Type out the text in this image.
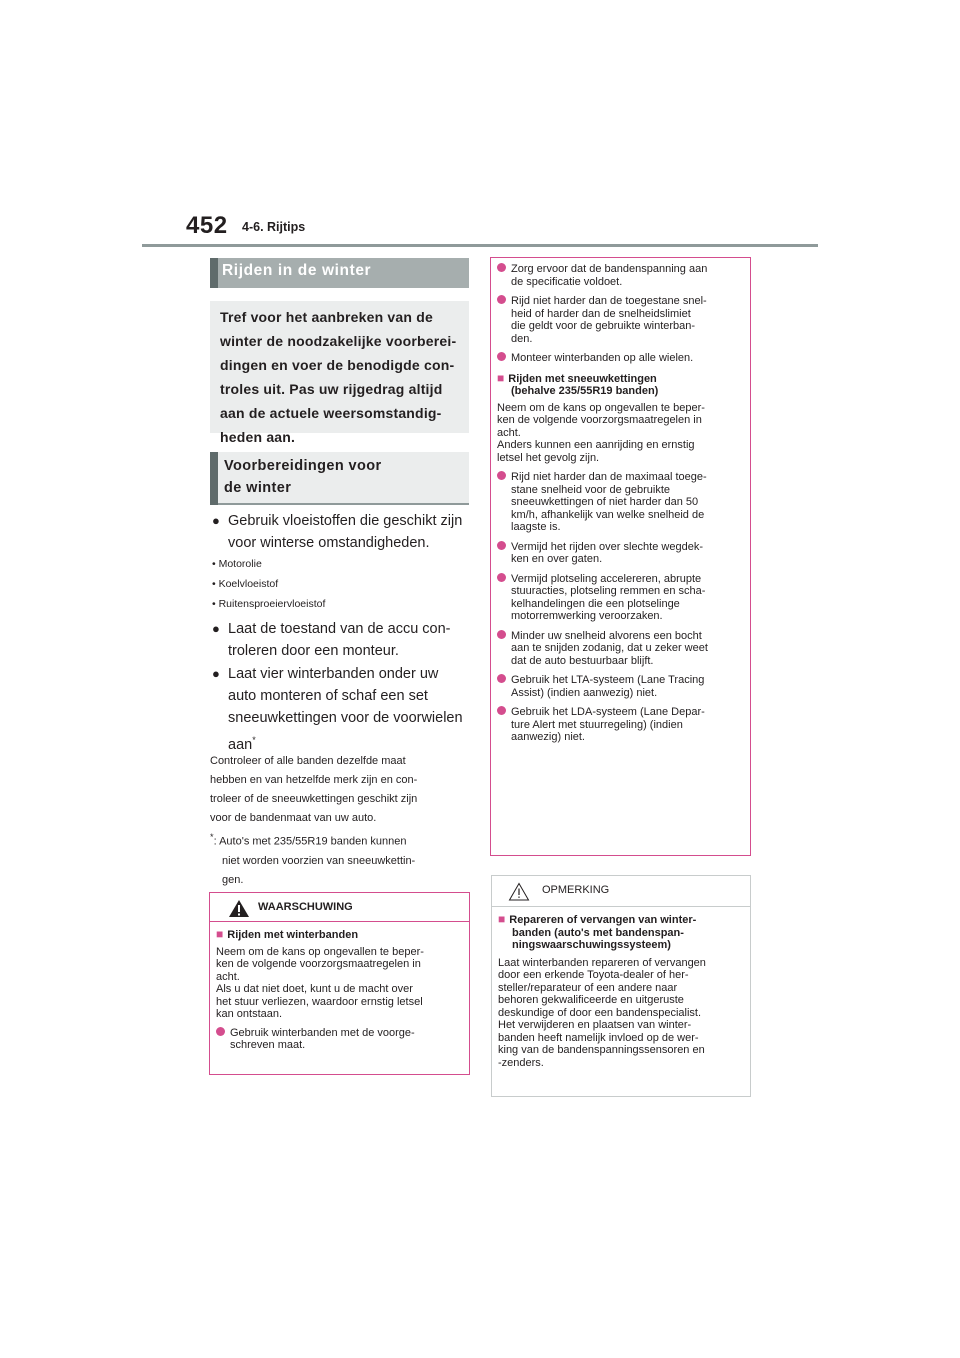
452 4-6. Rijtips
Rijden in de winter
Tref voor het aanbreken van de
winter de noodzakelijke voorberei-
dingen en voer de benodigde con-
troles uit. Pas uw rijgedrag altijd
aan de actuele weersomstandig-
heden aan.
Voorbereidingen voor
de winter
● Gebruik vloeistoffen die geschikt zijn
voor winterse omstandigheden.
• Motorolie
• Koelvloeistof
• Ruitensproeiervloeistof
● Laat de toestand van de accu con-
troleren door een monteur.
● Laat vier winterbanden onder uw
auto monteren of schaf een set
sneeuwkettingen voor de voorwielen
aan*
Controleer of alle banden dezelfde maat
hebben en van hetzelfde merk zijn en con-
troleer of de sneeuwkettingen geschikt zijn
voor de bandenmaat van uw auto.
*: Auto's met 235/55R19 banden kunnen
niet worden voorzien van sneeuwkettin-
gen.
WAARSCHUWING
■ Rijden met winterbanden
Neem om de kans op ongevallen te beper-
ken de volgende voorzorgsmaatregelen in
acht.
Als u dat niet doet, kunt u de macht over
het stuur verliezen, waardoor ernstig letsel
kan ontstaan.
Gebruik winterbanden met de voorge-
schreven maat.
Zorg ervoor dat de bandenspanning aan
de specificatie voldoet.
Rijd niet harder dan de toegestane snel-
heid of harder dan de snelheidslimiet
die geldt voor de gebruikte winterban-
den.
Monteer winterbanden op alle wielen.
■ Rijden met sneeuwkettingen
(behalve 235/55R19 banden)
Neem om de kans op ongevallen te beper-
ken de volgende voorzorgsmaatregelen in
acht.
Anders kunnen een aanrijding en ernstig
letsel het gevolg zijn.
Rijd niet harder dan de maximaal toege-
stane snelheid voor de gebruikte
sneeuwkettingen of niet harder dan 50
km/h, afhankelijk van welke snelheid de
laagste is.
Vermijd het rijden over slechte wegdek-
ken en over gaten.
Vermijd plotseling accelereren, abrupte
stuuracties, plotseling remmen en scha-
kelhandelingen die een plotselinge
motorremwerking veroorzaken.
Minder uw snelheid alvorens een bocht
aan te snijden zodanig, dat u zeker weet
dat de auto bestuurbaar blijft.
Gebruik het LTA-systeem (Lane Tracing
Assist) (indien aanwezig) niet.
Gebruik het LDA-systeem (Lane Depar-
ture Alert met stuurregeling) (indien
aanwezig) niet.
OPMERKING
■ Repareren of vervangen van winter-
banden (auto's met bandenspan-
ningswaarschuwingssysteem)
Laat winterbanden repareren of vervangen
door een erkende Toyota-dealer of her-
steller/reparateur of een andere naar
behoren gekwalificeerde en uitgeruste
deskundige of door een bandenspecialist.
Het verwijderen en plaatsen van winter-
banden heeft namelijk invloed op de wer-
king van de bandenspanningssensoren en
-zenders.
